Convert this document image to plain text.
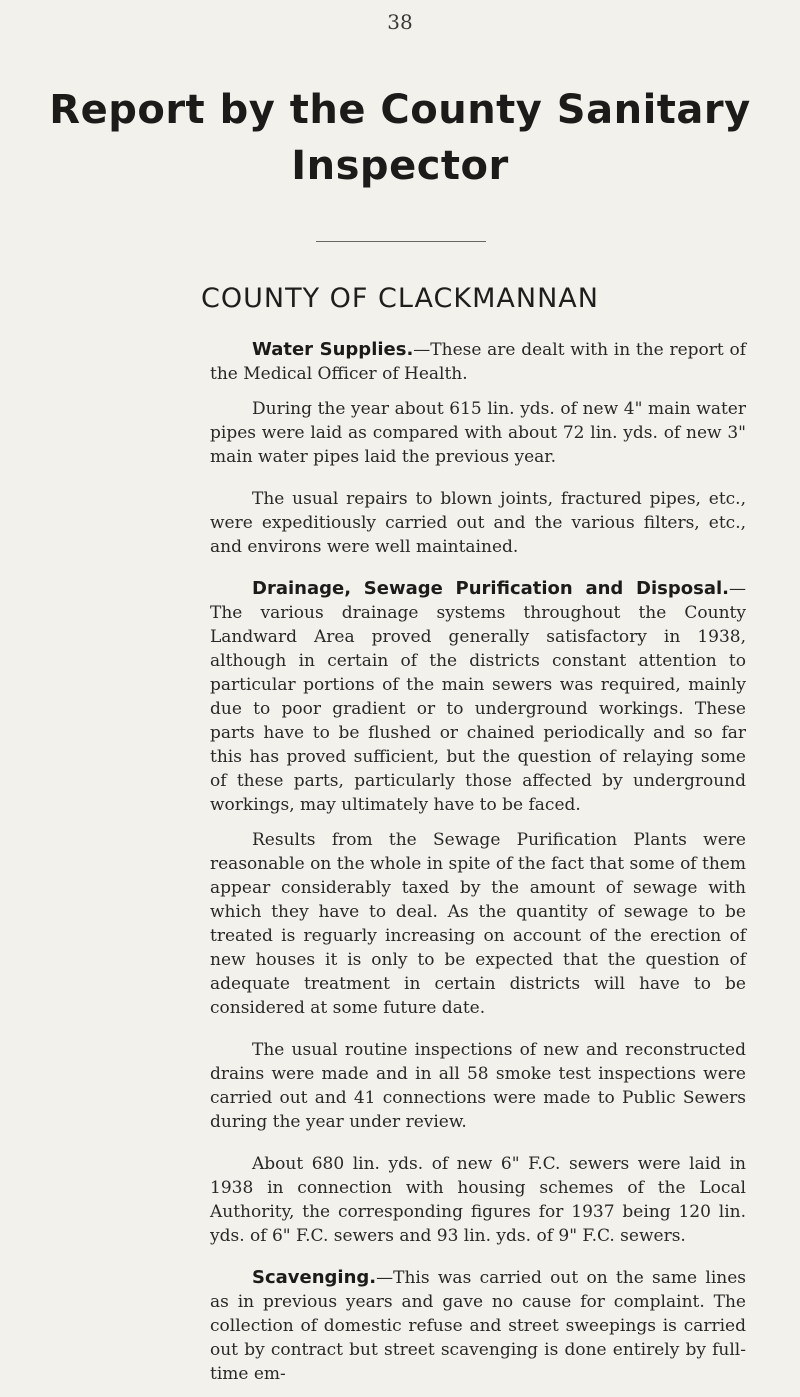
38
Report by the County Sanitary Inspector
COUNTY OF CLACKMANNAN

Water Supplies.—These are dealt with in the report of the Medical Officer of Health.

During the year about 615 lin. yds. of new 4" main water pipes were laid as compared with about 72 lin. yds. of new 3" main water pipes laid the previous year.

The usual repairs to blown joints, fractured pipes, etc., were expeditiously carried out and the various filters, etc., and environs were well maintained.

Drainage, Sewage Purification and Disposal.—The various drainage systems throughout the County Landward Area proved generally satisfactory in 1938, although in certain of the districts constant attention to particular portions of the main sewers was required, mainly due to poor gradient or to underground workings. These parts have to be flushed or chained periodically and so far this has proved sufficient, but the question of relaying some of these parts, particularly those affected by underground workings, may ultimately have to be faced.

Results from the Sewage Purification Plants were reasonable on the whole in spite of the fact that some of them appear considerably taxed by the amount of sewage with which they have to deal. As the quantity of sewage to be treated is reguarly increasing on account of the erection of new houses it is only to be expected that the question of adequate treatment in certain districts will have to be considered at some future date.

The usual routine inspections of new and reconstructed drains were made and in all 58 smoke test inspections were carried out and 41 connections were made to Public Sewers during the year under review.

About 680 lin. yds. of new 6" F.C. sewers were laid in 1938 in connection with housing schemes of the Local Authority, the corresponding figures for 1937 being 120 lin. yds. of 6" F.C. sewers and 93 lin. yds. of 9" F.C. sewers.

Scavenging.—This was carried out on the same lines as in previous years and gave no cause for complaint. The collection of domestic refuse and street sweepings is carried out by contract but street scavenging is done entirely by full-time em-
